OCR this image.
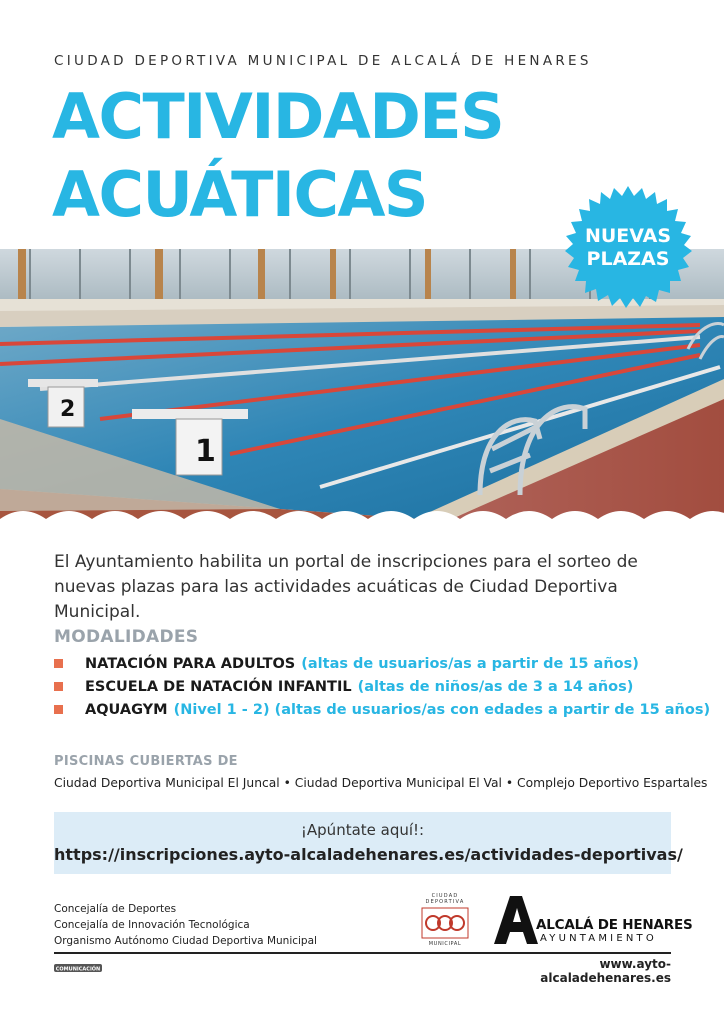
CIUDAD DEPORTIVA MUNICIPAL DE ALCALÁ DE HENARES
ACTIVIDADES
ACUÁTICAS
2
1
NUEVAS
PLAZAS

El Ayuntamiento habilita un portal de inscripciones para el sorteo de nuevas plazas para las actividades acuáticas de Ciudad Deportiva Municipal.

MODALIDADES
NATACIÓN PARA ADULTOS (altas de usuarios/as a partir de 15 años)
ESCUELA DE NATACIÓN INFANTIL (altas de niños/as de 3 a 14 años)
AQUAGYM (Nivel 1 - 2) (altas de usuarios/as con edades a partir de 15 años)
PISCINAS CUBIERTAS DE
Ciudad Deportiva Municipal El Juncal • Ciudad Deportiva Municipal El Val • Complejo Deportivo Espartales
¡Apúntate aquí!:
https://inscripciones.ayto-alcaladehenares.es/actividades-deportivas/
Concejalía de Deportes
Concejalía de Innovación Tecnológica
Organismo Autónomo Ciudad Deportiva Municipal
CIUDAD DEPORTIVA
MUNICIPAL
ALCALÁ DE HENARES
AYUNTAMIENTO
COMUNICACIÓN	www.ayto-alcaladehenares.es
